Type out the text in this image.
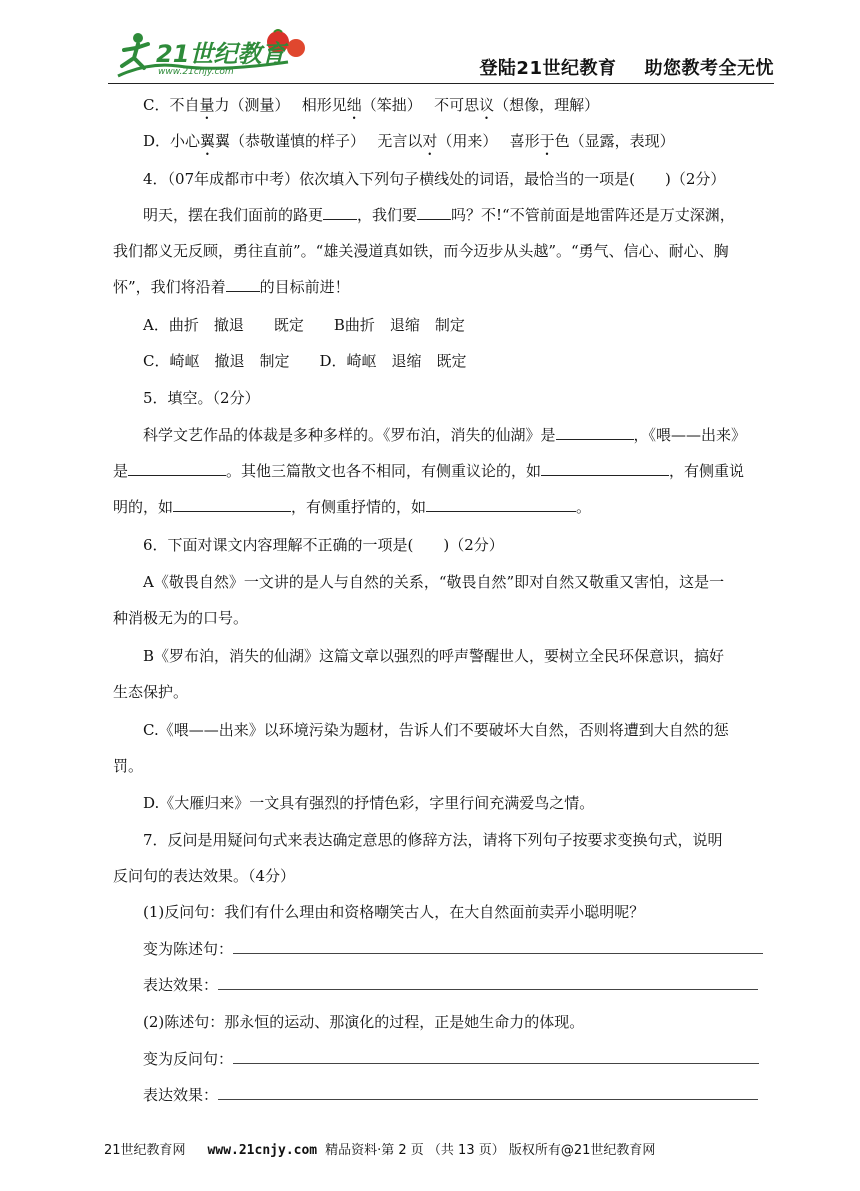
21世纪教育
www.21cnjy.com	登陆21世纪教育 助您教考全无忧
C．不自量力（测量）　 相形见绌（笨拙）　 不可思议（想像，理解）
D．小心翼翼（恭敬谨慎的样子）　 无言以对（用来）　 喜形于色（显露，表现）
4．（07年成都市中考）依次填入下列句子横线处的词语，最恰当的一项是(　　)（2分）
明天，摆在我们面前的路更 ，我们要 吗？不!“不管前面是地雷阵还是万丈深渊，
我们都义无反顾，勇往直前”。“雄关漫道真如铁，而今迈步从头越”。“勇气、信心、耐心、胸
怀”，我们将沿着 的目标前进！
A．曲折　撤退　　既定　　B曲折　退缩　制定
C．崎岖　撤退　制定　　D．崎岖　退缩　既定
5．填空。（2分）
科学文艺作品的体裁是多种多样的。《罗布泊，消失的仙湖》是	，《喂——出来》
是	。其他三篇散文也各不相同，有侧重议论的，如	，有侧重说
明的，如	，有侧重抒情的，如	。
6．下面对课文内容理解不正确的一项是(　　)（2分）
A《敬畏自然》一文讲的是人与自然的关系，“敬畏自然”即对自然又敬重又害怕，这是一
种消极无为的口号。
B《罗布泊，消失的仙湖》这篇文章以强烈的呼声警醒世人，要树立全民环保意识，搞好
生态保护。
C.《喂——出来》以环境污染为题材，告诉人们不要破坏大自然，否则将遭到大自然的惩
罚。
D.《大雁归来》一文具有强烈的抒情色彩，字里行间充满爱鸟之情。
7．反问是用疑问句式来表达确定意思的修辞方法，请将下列句子按要求变换句式，说明
反问句的表达效果。（4分）
(1)反问句：我们有什么理由和资格嘲笑古人，在大自然面前卖弄小聪明呢？
变为陈述句：
表达效果：
(2)陈述句：那永恒的运动、那演化的过程，正是她生命力的体现。
变为反问句：
表达效果：
21世纪教育网 www.21cnjy.com 精品资料·第 2 页 （共 13 页） 版权所有@21世纪教育网
